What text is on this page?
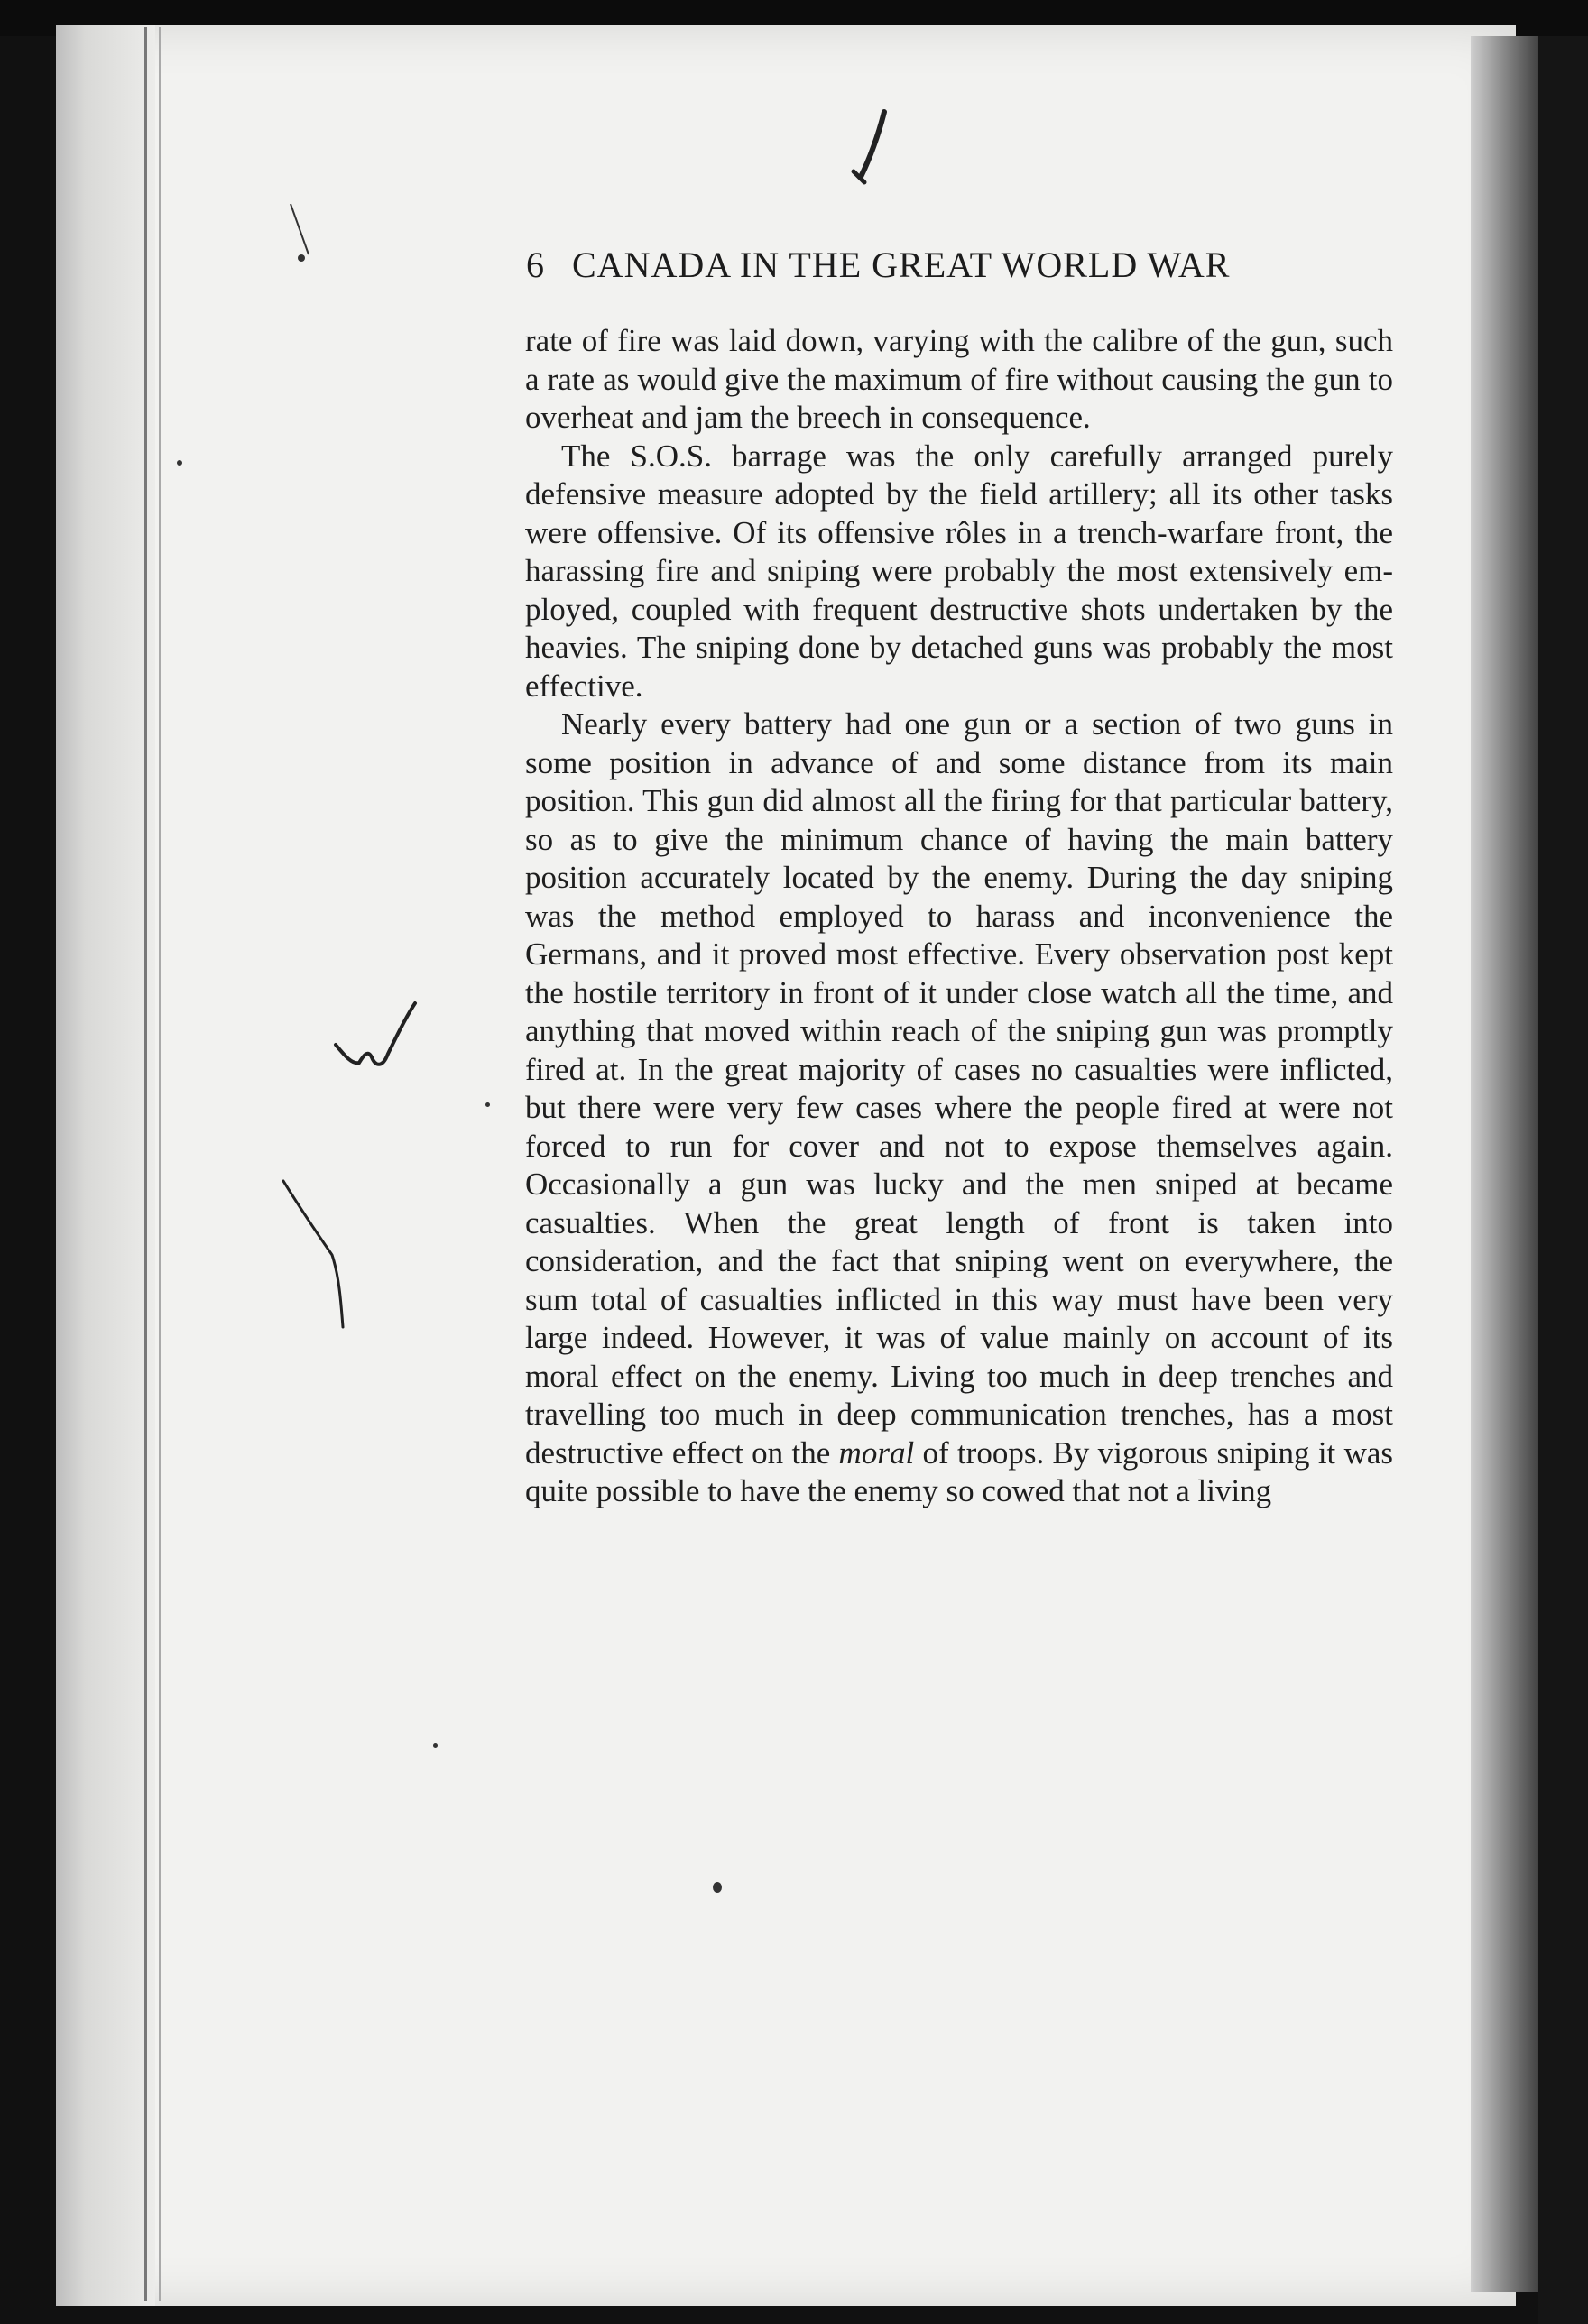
6 CANADA IN THE GREAT WORLD WAR

rate of fire was laid down, varying with the calibre of the gun, such a rate as would give the maximum of fire without causing the gun to overheat and jam the breech in consequence.

The S.O.S. barrage was the only carefully arranged purely defensive measure adopted by the field artillery; all its other tasks were offensive. Of its offensive rôles in a trench-warfare front, the harassing fire and sniping were probably the most extensively employed, coupled with frequent destructive shots undertaken by the heavies. The sniping done by detached guns was probably the most effective.

Nearly every battery had one gun or a section of two guns in some position in advance of and some distance from its main position. This gun did almost all the firing for that particular battery, so as to give the minimum chance of having the main battery position accurately located by the enemy. During the day sniping was the method employed to harass and inconvenience the Germans, and it proved most effective. Every observation post kept the hostile territory in front of it under close watch all the time, and anything that moved within reach of the sniping gun was promptly fired at. In the great majority of cases no casualties were inflicted, but there were very few cases where the people fired at were not forced to run for cover and not to expose themselves again. Occasionally a gun was lucky and the men sniped at became casualties. When the great length of front is taken into consideration, and the fact that sniping went on everywhere, the sum total of casualties inflicted in this way must have been very large indeed. However, it was of value mainly on account of its moral effect on the enemy. Living too much in deep trenches and travelling too much in deep communication trenches, has a most destructive effect on the moral of troops. By vigorous sniping it was quite possible to have the enemy so cowed that not a living
